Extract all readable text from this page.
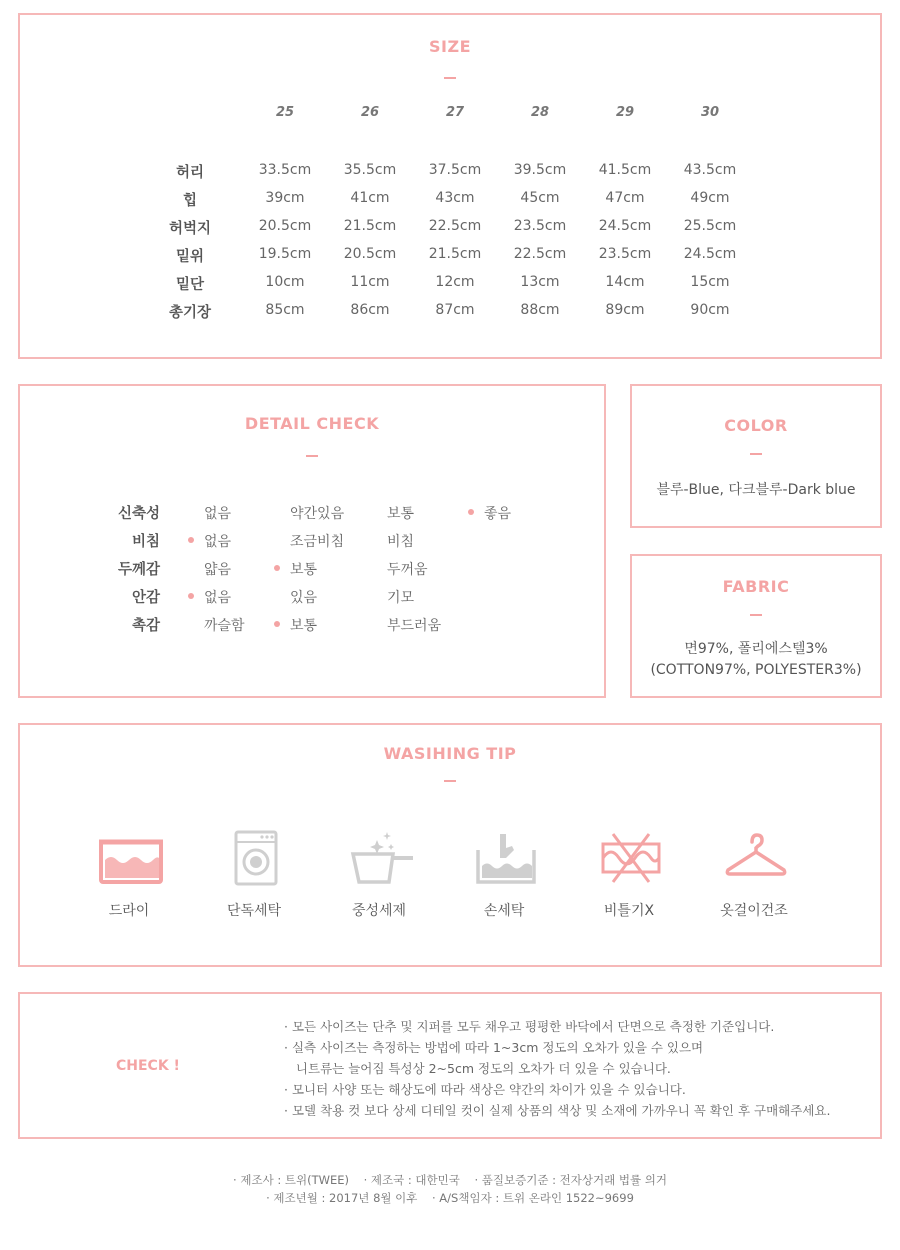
SIZE
25	26	27	28	29	30
허리	33.5cm	35.5cm	37.5cm	39.5cm	41.5cm	43.5cm
힙	39cm	41cm	43cm	45cm	47cm	49cm
허벅지	20.5cm	21.5cm	22.5cm	23.5cm	24.5cm	25.5cm
밑위	19.5cm	20.5cm	21.5cm	22.5cm	23.5cm	24.5cm
밑단	10cm	11cm	12cm	13cm	14cm	15cm
총기장	85cm	86cm	87cm	88cm	89cm	90cm
DETAIL CHECK
신축성	없음	약간있음	보통	좋음
비침	없음	조금비침	비침
두께감	얇음	보통	두꺼움
안감	없음	있음	기모
촉감	까슬함	보통	부드러움
COLOR
블루-Blue, 다크블루-Dark blue
FABRIC
면97%, 폴리에스텔3%
(COTTON97%, POLYESTER3%)
WASIHING TIP
드라이	단독세탁	중성세제	손세탁	비틀기X	옷걸이건조
CHECK !
· 모든 사이즈는 단추 및 지퍼를 모두 채우고 평평한 바닥에서 단면으로 측정한 기준입니다.
· 실측 사이즈는 측정하는 방법에 따라 1~3cm 정도의 오차가 있을 수 있으며
니트류는 늘어짐 특성상 2~5cm 정도의 오차가 더 있을 수 있습니다.
· 모니터 사양 또는 해상도에 따라 색상은 약간의 차이가 있을 수 있습니다.
· 모델 착용 컷 보다 상세 디테일 컷이 실제 상품의 색상 및 소재에 가까우니 꼭 확인 후 구매해주세요.
· 제조사 : 트위(TWEE)    · 제조국 : 대한민국    · 품질보증기준 : 전자상거래 법률 의거
· 제조년월 : 2017년 8월 이후    · A/S책임자 : 트위 온라인 1522~9699
